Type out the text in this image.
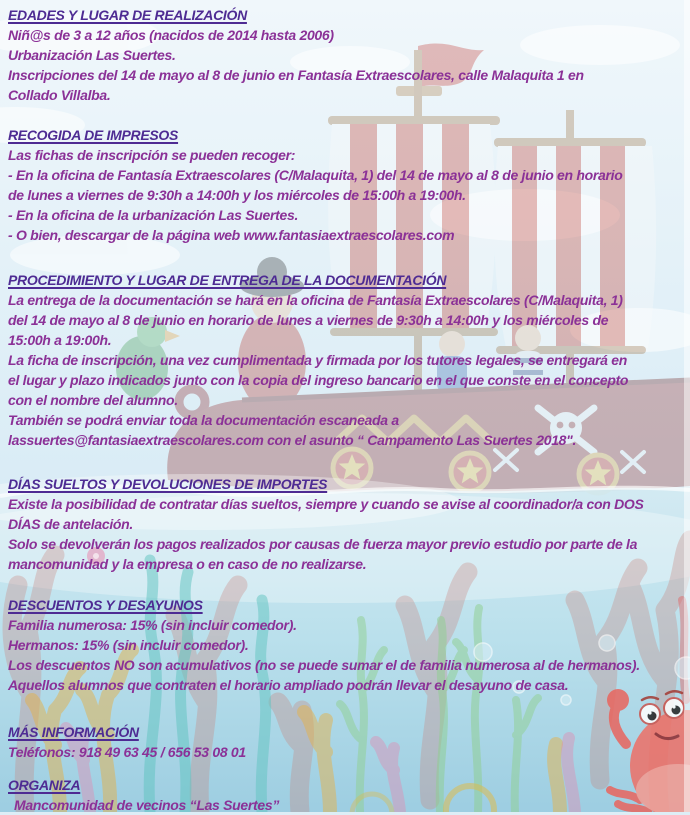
EDADES Y LUGAR DE REALIZACIÓN
Niñ@s de 3 a 12 años (nacidos de 2014 hasta 2006)
Urbanización Las Suertes.
Inscripciones del 14 de mayo al 8 de junio en Fantasía Extraescolares, calle Malaquita 1 en
Collado Villalba.
RECOGIDA DE IMPRESOS
Las fichas de inscripción se pueden recoger:
- En la oficina de Fantasía Extraescolares (C/Malaquita, 1) del 14 de mayo al 8 de junio en horario
de lunes a viernes de 9:30h a 14:00h y los miércoles de 15:00h a 19:00h.
- En la oficina de la urbanización Las Suertes.
- O bien, descargar de la página web www.fantasiaextraescolares.com
PROCEDIMIENTO Y LUGAR DE ENTREGA DE LA DOCUMENTACIÓN
La entrega de la documentación se hará en la oficina de Fantasía Extraescolares (C/Malaquita, 1)
del 14 de mayo al 8 de junio en horario de lunes a viernes de 9:30h a 14:00h y los miércoles de
15:00h a 19:00h.
La ficha de inscripción, una vez cumplimentada y firmada por los tutores legales, se entregará en
el lugar y plazo indicados junto con la copia del ingreso bancario en el que conste en el concepto
con el nombre del alumno.
También se podrá enviar toda la documentación escaneada a
lassuertes@fantasiaextraescolares.com con el asunto “ Campamento Las Suertes 2018".
DÍAS SUELTOS Y DEVOLUCIONES DE IMPORTES
Existe la posibilidad de contratar días sueltos, siempre y cuando se avise al coordinador/a con DOS
DÍAS de antelación.
Solo se devolverán los pagos realizados por causas de fuerza mayor previo estudio por parte de la
mancomunidad y la empresa o en caso de no realizarse.
DESCUENTOS Y DESAYUNOS
Familia numerosa: 15% (sin incluir comedor).
Hermanos: 15% (sin incluir comedor).
Los descuentos NO son acumulativos (no se puede sumar el de familia numerosa al de hermanos).
Aquellos alumnos que contraten el horario ampliado podrán llevar el desayuno de casa.
MÁS INFORMACIÓN
Teléfonos: 918 49 63 45 / 656 53 08 01
ORGANIZA
Mancomunidad de vecinos “Las Suertes”
